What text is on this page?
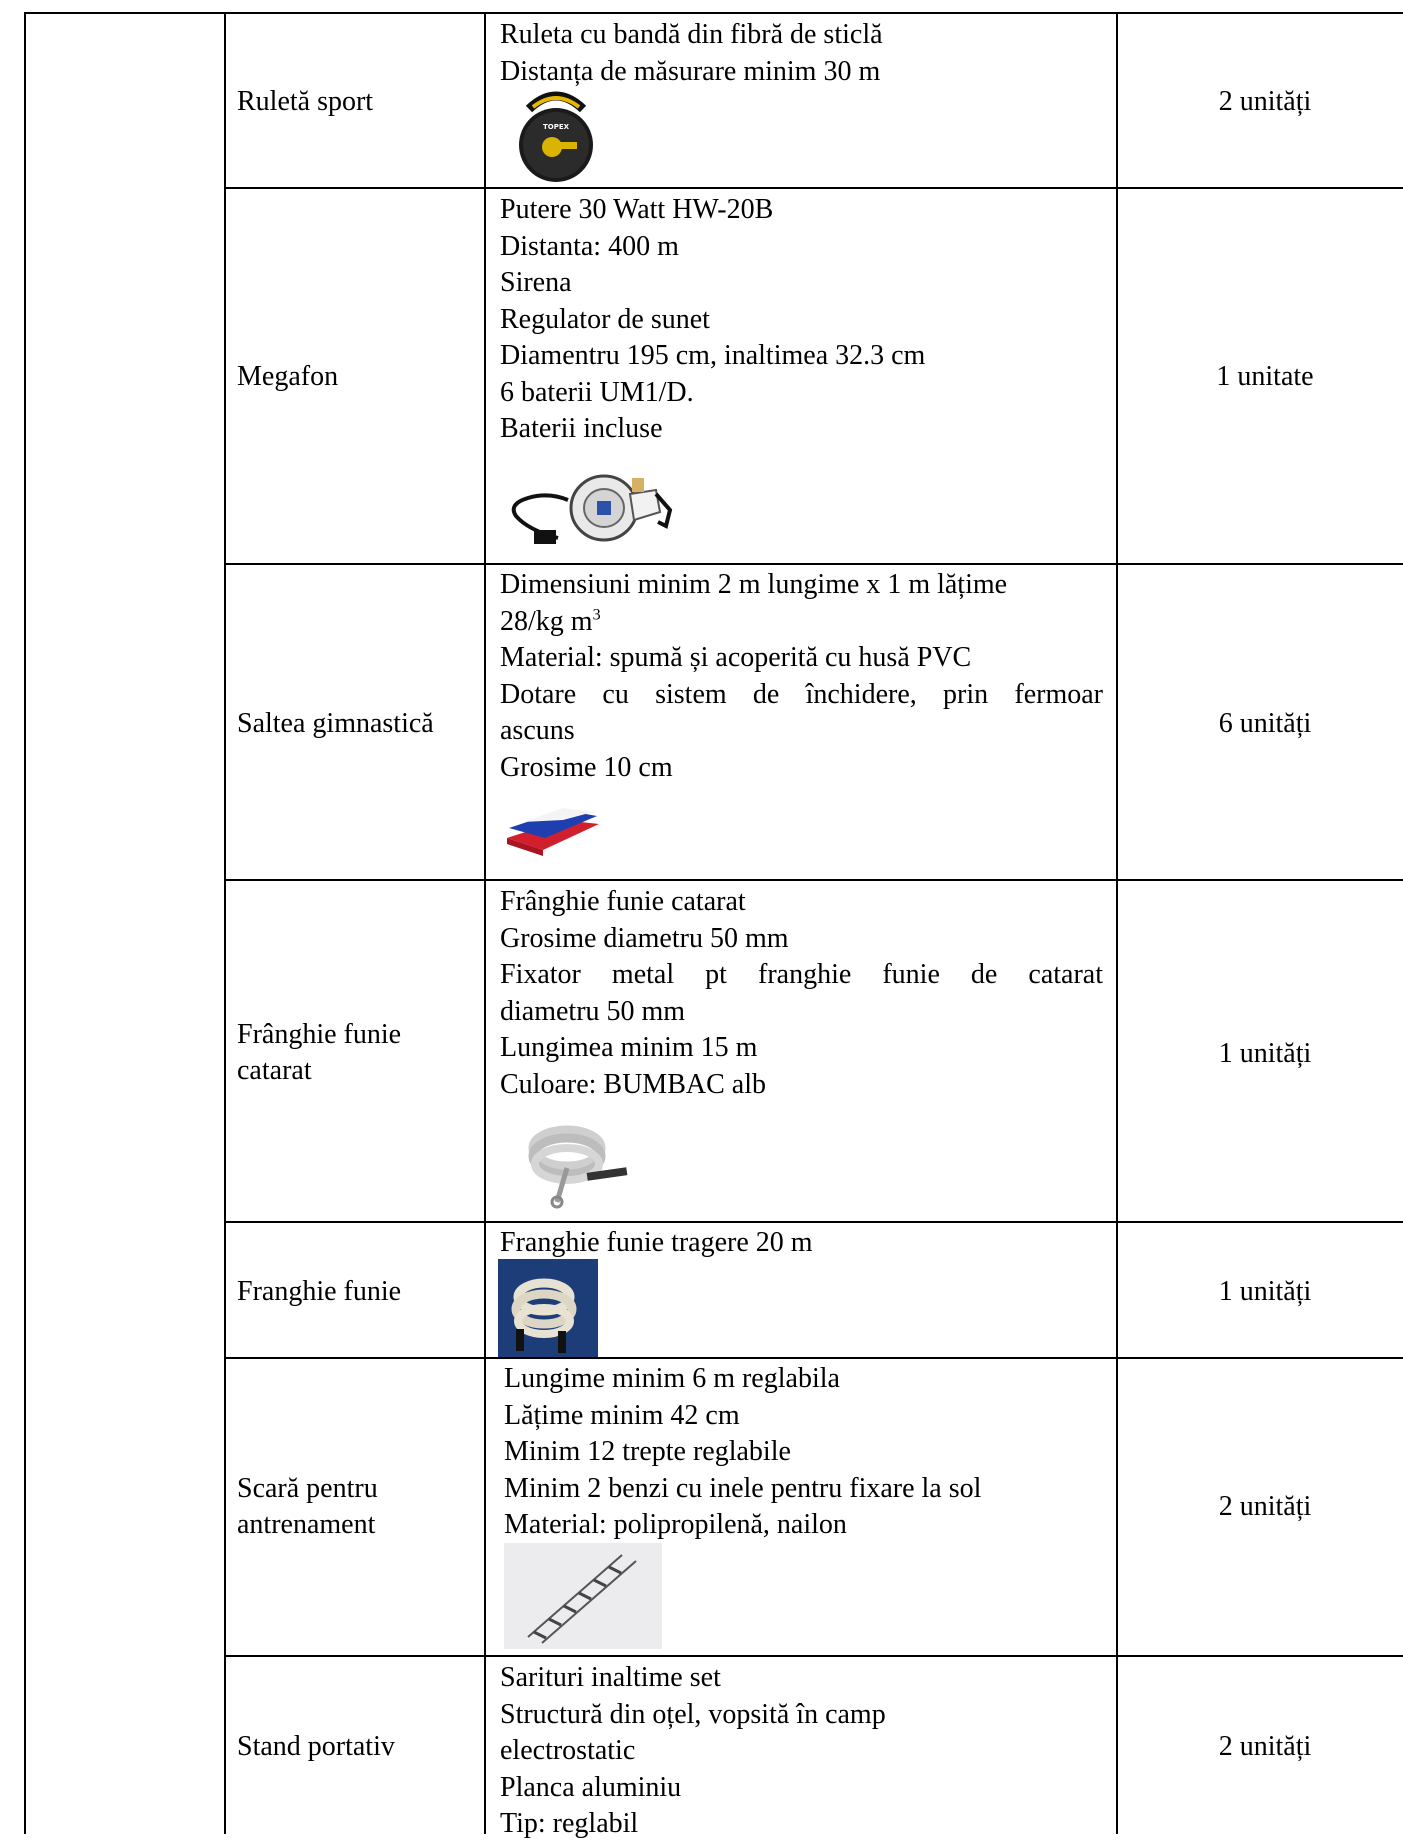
Ruletă sport
Ruleta cu bandă din fibră de sticlă
Distanța de măsurare minim 30 m
TOPEX
2 unități
Megafon
Putere 30 Watt HW-20B
Distanta: 400 m
Sirena
Regulator de sunet
Diamentru 195 cm, inaltimea 32.3 cm
6 baterii UM1/D.
Baterii incluse
1 unitate
Saltea gimnastică
Dimensiuni minim 2 m lungime x 1 m lățime
28/kg $m^3$
Material: spumă și acoperită cu husă PVC
Dotare cu sistem de închidere, prin fermoar
ascuns
Grosime 10 cm
6 unități
Frânghie funie
catarat
Frânghie funie catarat
Grosime diametru 50 mm
Fixator metal pt franghie funie de catarat
diametru 50 mm
Lungimea minim 15 m
Culoare: BUMBAC alb
1 unități
Franghie funie
Franghie funie tragere 20 m
1 unități
Scară pentru
antrenament
Lungime minim 6 m reglabila
Lățime minim 42 cm
Minim 12 trepte reglabile
Minim 2 benzi cu inele pentru fixare la sol
Material: polipropilenă, nailon
2 unități
Stand portativ
Sarituri inaltime set
Structură din oțel, vopsită în camp
electrostatic
Planca aluminiu
Tip: reglabil
2 unități
